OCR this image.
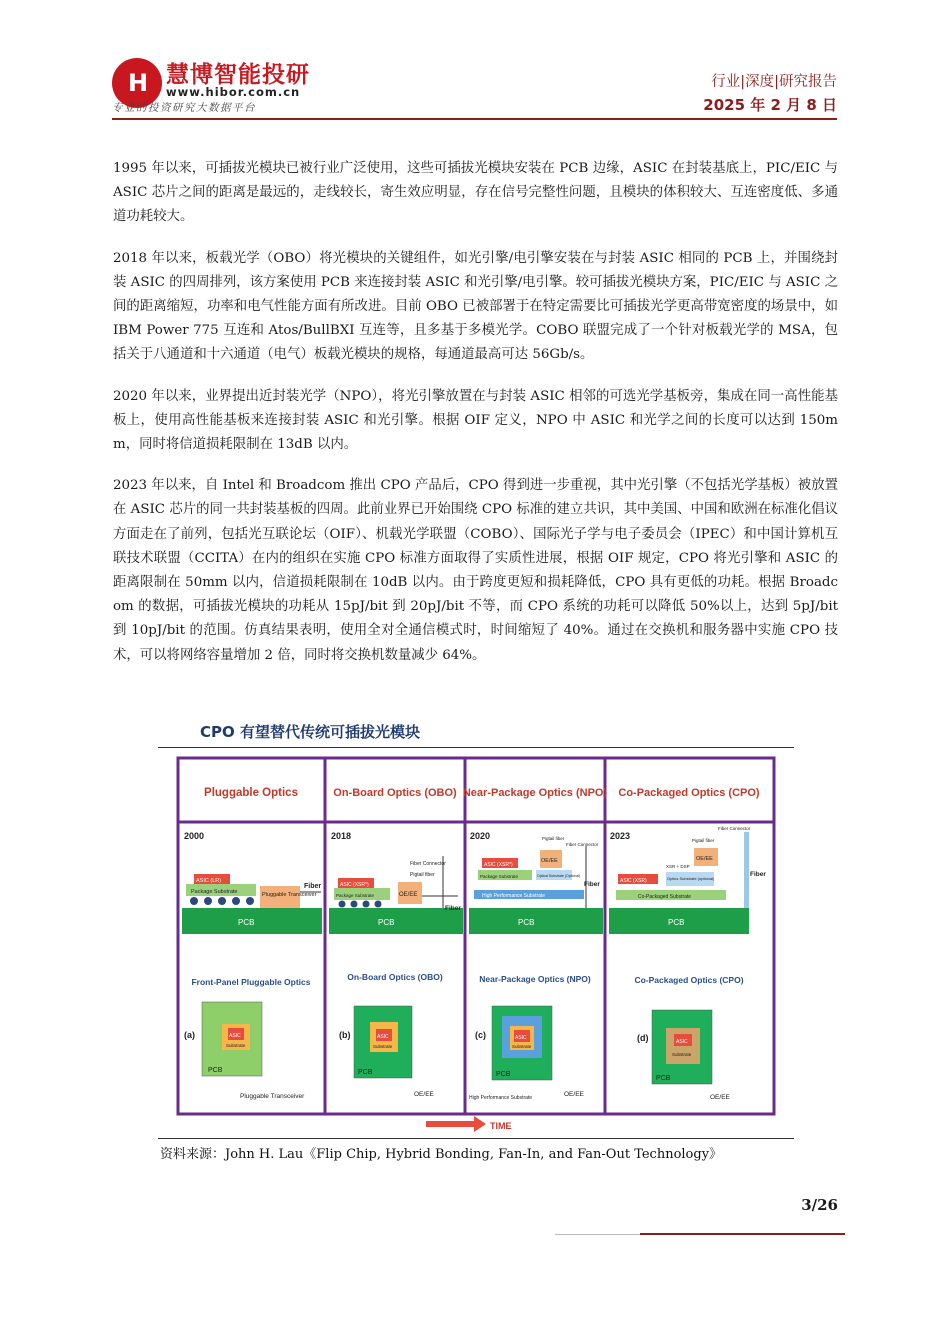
H 慧博智能投研
www.hibor.com.cn
专业的投资研究大数据平台
行业|深度|研究报告
2025 年 2 月 8 日

1995 年以来，可插拔光模块已被行业广泛使用，这些可插拔光模块安装在 PCB 边缘，ASIC 在封装基底上，PIC/EIC 与 ASIC 芯片之间的距离是最远的，走线较长，寄生效应明显，存在信号完整性问题，且模块的体积较大、互连密度低、多通道功耗较大。

2018 年以来，板载光学（OBO）将光模块的关键组件，如光引擎/电引擎安装在与封装 ASIC 相同的 PCB 上，并围绕封装 ASIC 的四周排列，该方案使用 PCB 来连接封装 ASIC 和光引擎/电引擎。较可插拔光模块方案，PIC/EIC 与 ASIC 之间的距离缩短，功率和电气性能方面有所改进。目前 OBO 已被部署于在特定需要比可插拔光学更高带宽密度的场景中，如 IBM Power 775 互连和 Atos/BullBXI 互连等，且多基于多模光学。COBO 联盟完成了一个针对板载光学的 MSA，包括关于八通道和十六通道（电气）板载光模块的规格，每通道最高可达 56Gb/s。

2020 年以来，业界提出近封装光学（NPO），将光引擎放置在与封装 ASIC 相邻的可选光学基板旁，集成在同一高性能基板上，使用高性能基板来连接封装 ASIC 和光引擎。根据 OIF 定义，NPO 中 ASIC 和光学之间的长度可以达到 150mm，同时将信道损耗限制在 13dB 以内。

2023 年以来，自 Intel 和 Broadcom 推出 CPO 产品后，CPO 得到进一步重视，其中光引擎（不包括光学基板）被放置在 ASIC 芯片的同一共封装基板的四周。此前业界已开始围绕 CPO 标准的建立共识，其中美国、中国和欧洲在标准化倡议方面走在了前列，包括光互联论坛（OIF）、机载光学联盟（COBO）、国际光子学与电子委员会（IPEC）和中国计算机互联技术联盟（CCITA）在内的组织在实施 CPO 标准方面取得了实质性进展，根据 OIF 规定，CPO 将光引擎和 ASIC 的距离限制在 50mm 以内，信道损耗限制在 10dB 以内。由于跨度更短和损耗降低，CPO 具有更低的功耗。根据 Broadcom 的数据，可插拔光模块的功耗从 15pJ/bit 到 20pJ/bit 不等，而 CPO 系统的功耗可以降低 50%以上，达到 5pJ/bit 到 10pJ/bit 的范围。仿真结果表明，使用全对全通信模式时，时间缩短了 40%。通过在交换机和服务器中实施 CPO 技术，可以将网络容量增加 2 倍，同时将交换机数量减少 64%。

CPO 有望替代传统可插拔光模块
Pluggable Optics
2000
PCB
Package Substrate
ASIC (LR)
Pluggable Transceiver
Fiber
Front-Panel Pluggable Optics
(a)	ASIC
Substrate
PCB
Pluggable Transceiver
On-Board Optics (OBO)
2018
PCB
Package Substrate
ASIC (XSR*)
OE/EE
Fiber Connector
Pigtail fiber
Fiber
On-Board Optics (OBO)
(b)	ASIC
Substrate
PCB
OE/EE
Near-Package Optics (NPO)
2020
PCB
High Performance Substrate
Package Substrate
ASIC (XSR*)
Optical Substrate (Optional)
OE/EE
Pigtail fiber
Fiber Connector
Fiber
Near-Package Optics (NPO)
(c)	ASIC
Substrate
PCB
OE/EE
High Performance Substrate
Co-Packaged Optics (CPO)
2023
PCB
Co-Packaged Substrate
ASIC (XSR)	Optics Substrate (optional)
XSR + DSP
OE/EE
Pigtail fiber
Fiber Connector
Fiber
Co-Packaged Optics (CPO)
(d)	ASIC
Substrate
PCB
OE/EE
TIME
资料来源：John H. Lau《Flip Chip, Hybrid Bonding, Fan-In, and Fan-Out Technology》
3/26
